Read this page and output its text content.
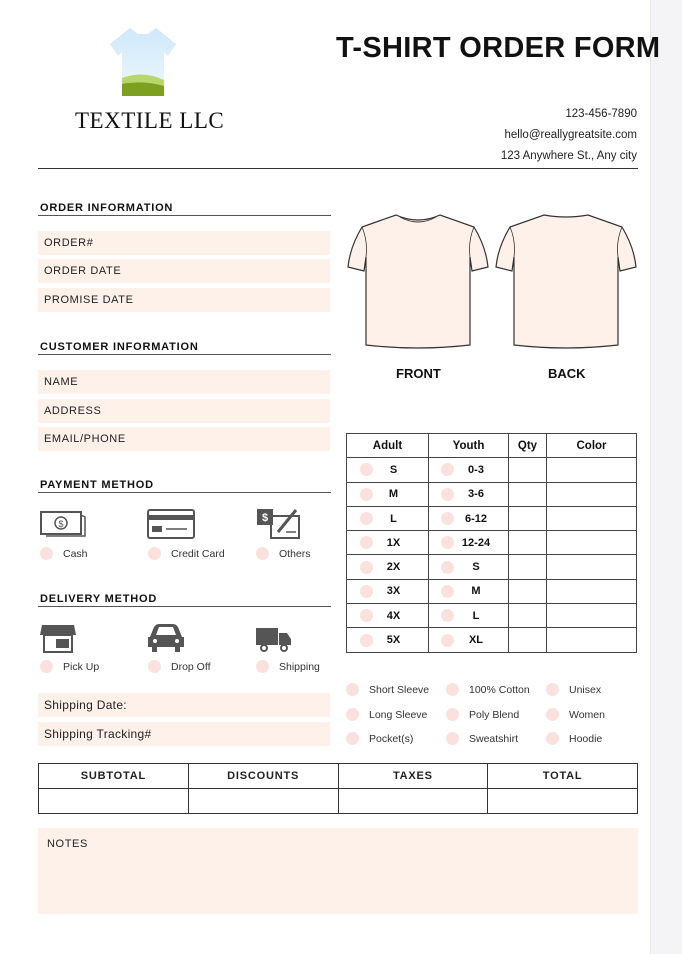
TEXTILE LLC
T-SHIRT ORDER FORM
123-456-7890
hello@reallygreatsite.com
123 Anywhere St., Any city
ORDER INFORMATION
ORDER#
ORDER DATE
PROMISE DATE
CUSTOMER INFORMATION
NAME
ADDRESS
EMAIL/PHONE
PAYMENT METHOD
$	$
Cash	Credit Card	Others
DELIVERY METHOD
Pick Up	Drop Off	Shipping
Shipping Date:
Shipping Tracking#
FRONT	BACK
Adult	Youth	Qty	Color

S	0-3		

M	3-6		

L	6-12		

1X	12-24		

2X	S		

3X	M		

4X	L		

5X	XL		

Short Sleeve	100% Cotton	Unisex
Long Sleeve	Poly Blend	Women
Pocket(s)	Sweatshirt	Hoodie
SUBTOTAL	DISCOUNTS	TAXES	TOTAL

NOTES
